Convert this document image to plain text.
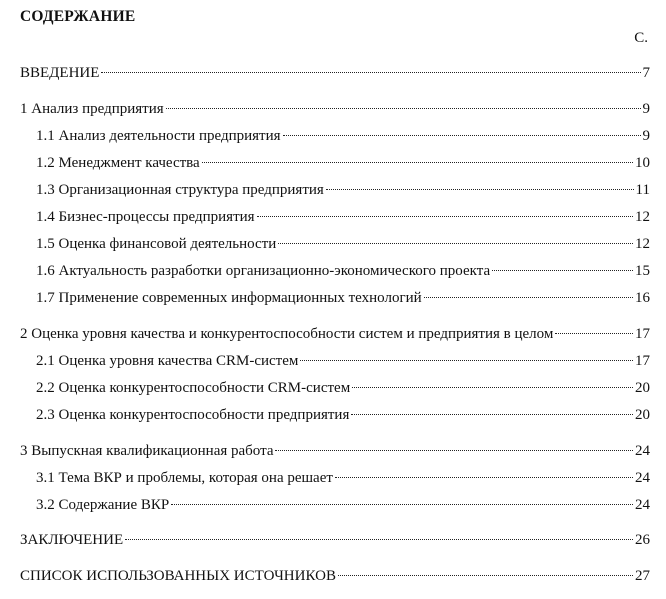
СОДЕРЖАНИЕ
С.
ВВЕДЕНИЕ	7
1 Анализ предприятия	9
1.1 Анализ деятельности предприятия	9
1.2 Менеджмент качества	10
1.3 Организационная структура предприятия	11
1.4 Бизнес-процессы предприятия	12
1.5 Оценка финансовой деятельности	12
1.6 Актуальность разработки организационно-экономического проекта	15
1.7 Применение современных информационных технологий	16
2 Оценка уровня качества и конкурентоспособности систем и предприятия в целом	17
2.1 Оценка уровня качества CRM-систем	17
2.2 Оценка конкурентоспособности CRM-систем	20
2.3 Оценка конкурентоспособности предприятия	20
3 Выпускная квалификационная работа	24
3.1 Тема ВКР и проблемы, которая она решает	24
3.2 Содержание ВКР	24
ЗАКЛЮЧЕНИЕ	26
СПИСОК ИСПОЛЬЗОВАННЫХ ИСТОЧНИКОВ	27
